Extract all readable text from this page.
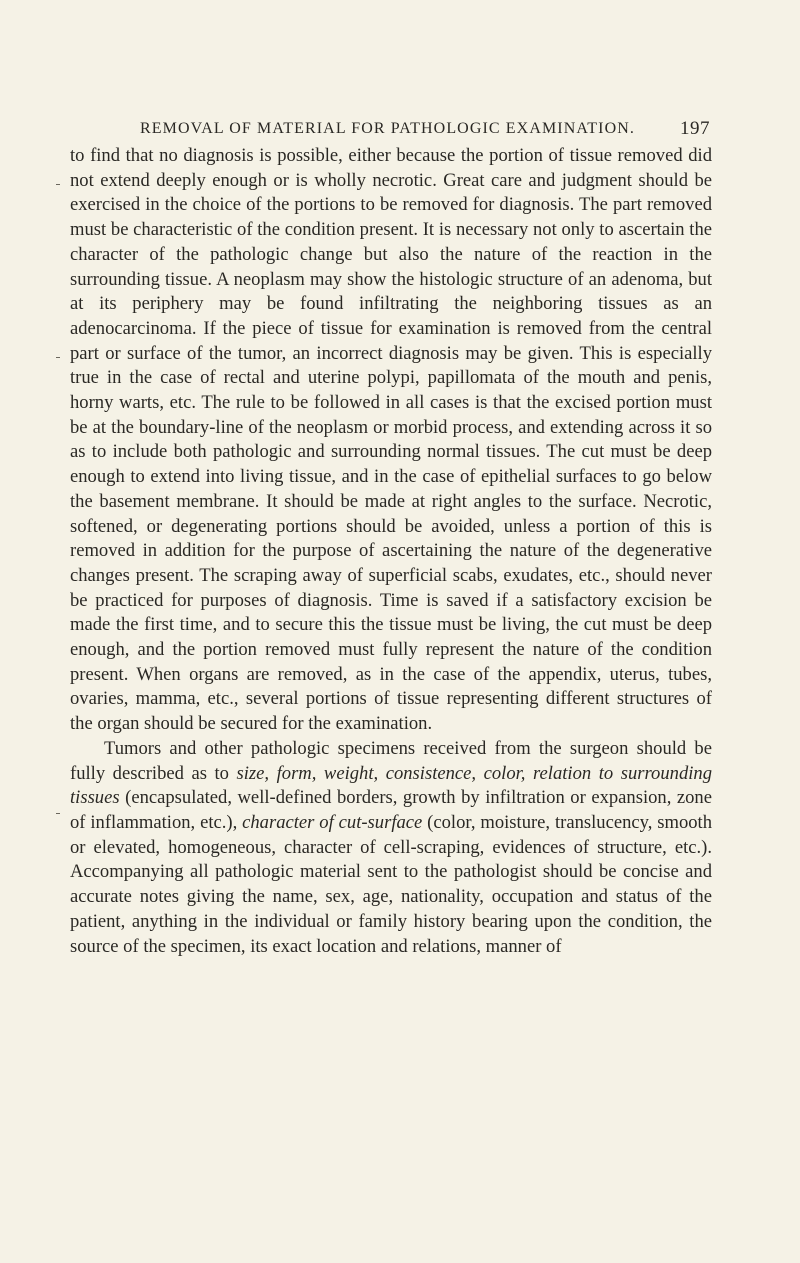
REMOVAL OF MATERIAL FOR PATHOLOGIC EXAMINATION. 197

to find that no diagnosis is possible, either because the portion of tissue removed did not extend deeply enough or is wholly necrotic. Great care and judgment should be exercised in the choice of the portions to be removed for diagnosis. The part removed must be characteristic of the condition present. It is necessary not only to ascertain the character of the pathologic change but also the nature of the reaction in the surrounding tissue. A neoplasm may show the histologic structure of an adenoma, but at its periphery may be found infiltrating the neighboring tissues as an adenocarcinoma. If the piece of tissue for examination is removed from the central part or surface of the tumor, an incorrect diagnosis may be given. This is especially true in the case of rectal and uterine polypi, papillomata of the mouth and penis, horny warts, etc. The rule to be followed in all cases is that the excised portion must be at the boundary-line of the neoplasm or morbid process, and extending across it so as to include both pathologic and surrounding normal tissues. The cut must be deep enough to extend into living tissue, and in the case of epithelial surfaces to go below the basement membrane. It should be made at right angles to the surface. Necrotic, softened, or degenerating portions should be avoided, unless a portion of this is removed in addition for the purpose of ascertaining the nature of the degenerative changes present. The scraping away of superficial scabs, exudates, etc., should never be practiced for purposes of diagnosis. Time is saved if a satisfactory excision be made the first time, and to secure this the tissue must be living, the cut must be deep enough, and the portion removed must fully represent the nature of the condition present. When organs are removed, as in the case of the appendix, uterus, tubes, ovaries, mamma, etc., several portions of tissue representing different structures of the organ should be secured for the examination.

Tumors and other pathologic specimens received from the surgeon should be fully described as to size, form, weight, consistence, color, relation to surrounding tissues (encapsulated, well-defined borders, growth by infiltration or expansion, zone of inflammation, etc.), character of cut-surface (color, moisture, translucency, smooth or elevated, homogeneous, character of cell-scraping, evidences of structure, etc.). Accompanying all pathologic material sent to the pathologist should be concise and accurate notes giving the name, sex, age, nationality, occupation and status of the patient, anything in the individual or family history bearing upon the condition, the source of the specimen, its exact location and relations, manner of
